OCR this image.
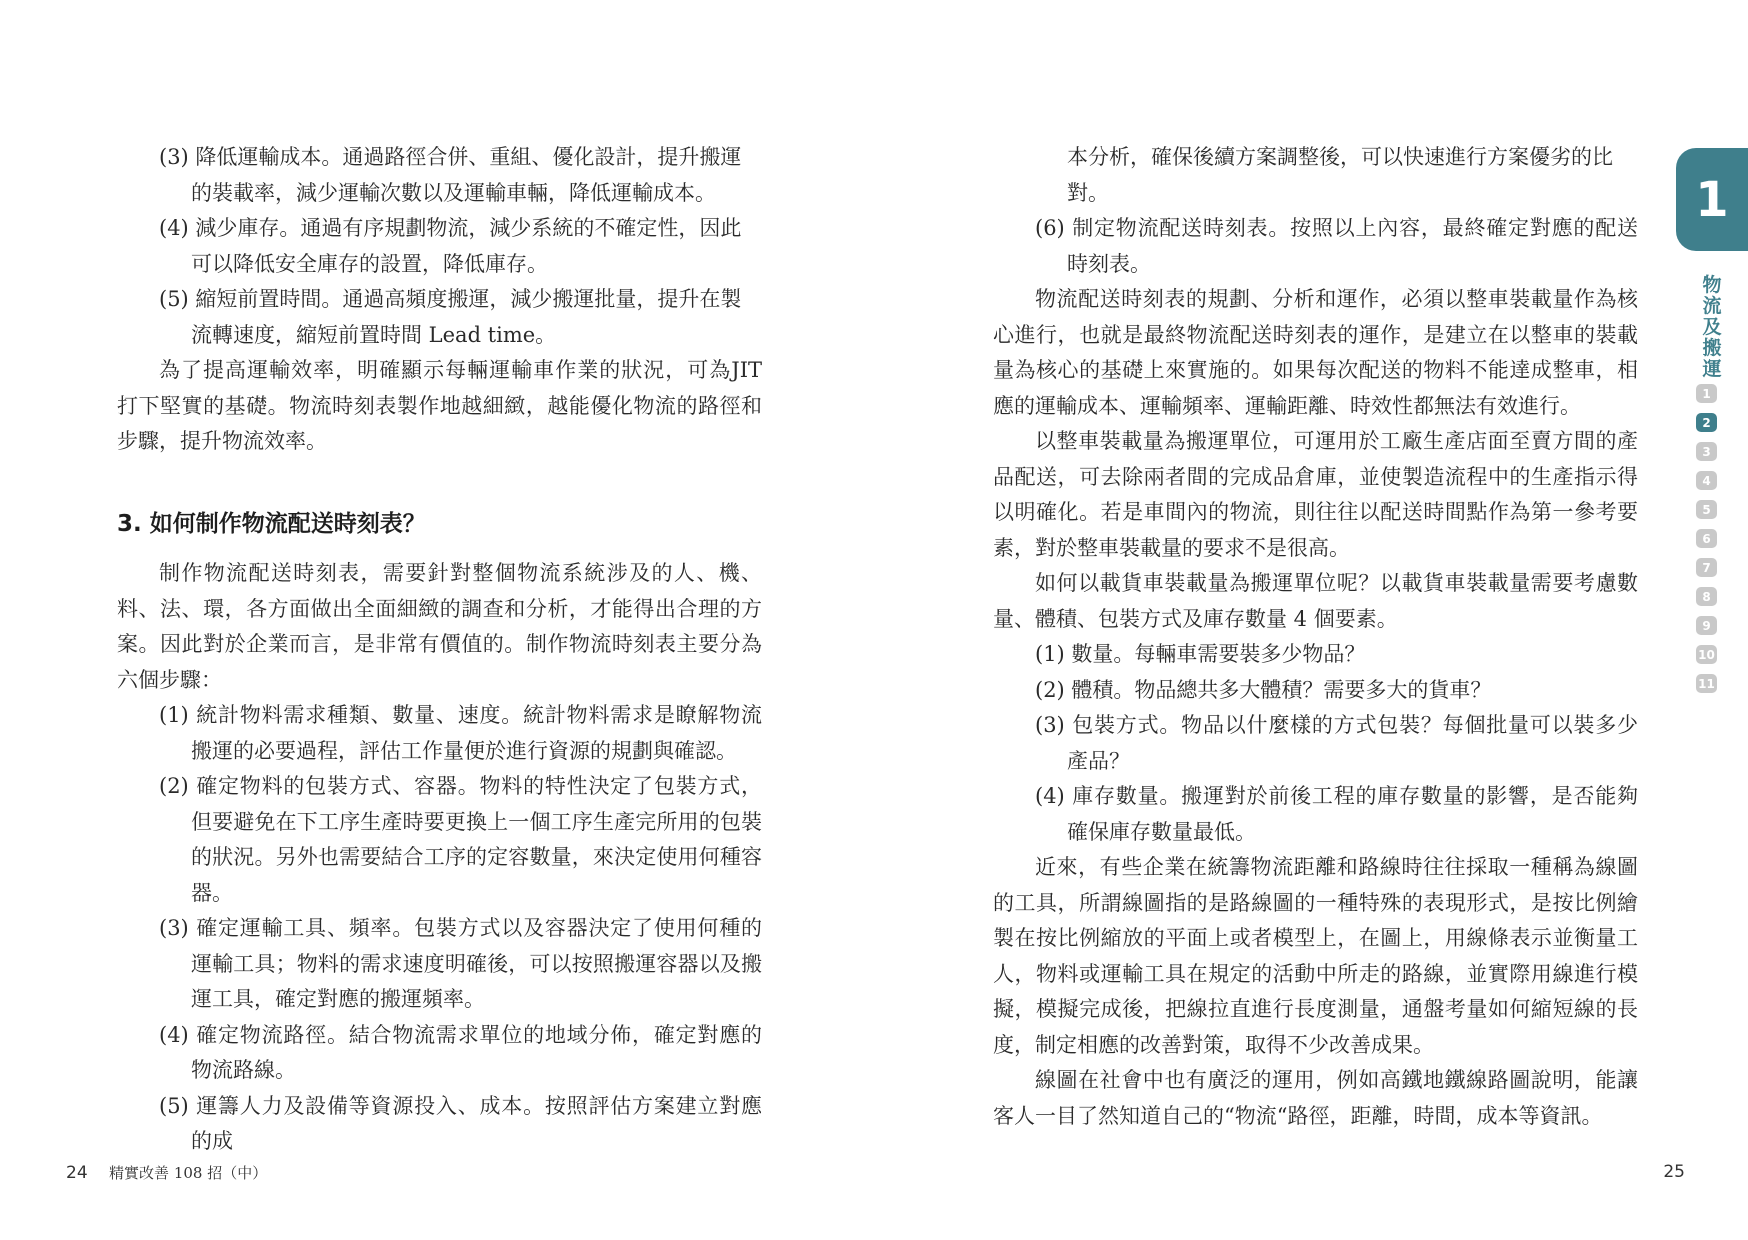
(3) 降低運輸成本。通過路徑合併、重組、優化設計，提升搬運
的裝載率，減少運輸次數以及運輸車輛，降低運輸成本。

(4) 減少庫存。通過有序規劃物流，減少系統的不確定性，因此
可以降低安全庫存的設置，降低庫存。

(5) 縮短前置時間。通過高頻度搬運，減少搬運批量，提升在製
流轉速度，縮短前置時間 Lead time。

為了提高運輸效率，明確顯示每輛運輸車作業的狀況，可為JIT 打下堅實的基礎。物流時刻表製作地越細緻，越能優化物流的路徑和步驟，提升物流效率。

3. 如何制作物流配送時刻表？

制作物流配送時刻表，需要針對整個物流系統涉及的人、機、料、法、環，各方面做出全面細緻的調查和分析，才能得出合理的方案。因此對於企業而言，是非常有價值的。制作物流時刻表主要分為六個步驟：

(1) 統計物料需求種類、數量、速度。統計物料需求是瞭解物流搬運的必要過程，評估工作量便於進行資源的規劃與確認。

(2) 確定物料的包裝方式、容器。物料的特性決定了包裝方式，但要避免在下工序生產時要更換上一個工序生產完所用的包裝的狀況。另外也需要結合工序的定容數量，來決定使用何種容器。

(3) 確定運輸工具、頻率。包裝方式以及容器決定了使用何種的運輸工具；物料的需求速度明確後，可以按照搬運容器以及搬運工具，確定對應的搬運頻率。

(4) 確定物流路徑。結合物流需求單位的地域分佈，確定對應的物流路線。

(5) 運籌人力及設備等資源投入、成本。按照評估方案建立對應的成

本分析，確保後續方案調整後，可以快速進行方案優劣的比對。

(6) 制定物流配送時刻表。按照以上內容，最終確定對應的配送時刻表。

物流配送時刻表的規劃、分析和運作，必須以整車裝載量作為核心進行，也就是最終物流配送時刻表的運作，是建立在以整車的裝載量為核心的基礎上來實施的。如果每次配送的物料不能達成整車，相應的運輸成本、運輸頻率、運輸距離、時效性都無法有效進行。

以整車裝載量為搬運單位，可運用於工廠生產店面至賣方間的產品配送，可去除兩者間的完成品倉庫，並使製造流程中的生產指示得以明確化。若是車間內的物流，則往往以配送時間點作為第一參考要素，對於整車裝載量的要求不是很高。

如何以載貨車裝載量為搬運單位呢？以載貨車裝載量需要考慮數量、體積、包裝方式及庫存數量 4 個要素。

(1) 數量。每輛車需要裝多少物品？

(2) 體積。物品總共多大體積？需要多大的貨車？

(3) 包裝方式。物品以什麼樣的方式包裝？每個批量可以裝多少產品？

(4) 庫存數量。搬運對於前後工程的庫存數量的影響，是否能夠確保庫存數量最低。

近來，有些企業在統籌物流距離和路線時往往採取一種稱為線圖的工具，所謂線圖指的是路線圖的一種特殊的表現形式，是按比例繪製在按比例縮放的平面上或者模型上，在圖上，用線條表示並衡量工人，物料或運輸工具在規定的活動中所走的路線，並實際用線進行模擬，模擬完成後，把線拉直進行長度測量，通盤考量如何縮短線的長度，制定相應的改善對策，取得不少改善成果。

線圖在社會中也有廣泛的運用，例如高鐵地鐵線路圖說明，能讓客人一目了然知道自己的“物流“路徑，距離，時間，成本等資訊。

24 精實改善 108 招（中）	25
1
物
流
及
搬
運
1
2
3
4
5
6
7
8
9
10
11
